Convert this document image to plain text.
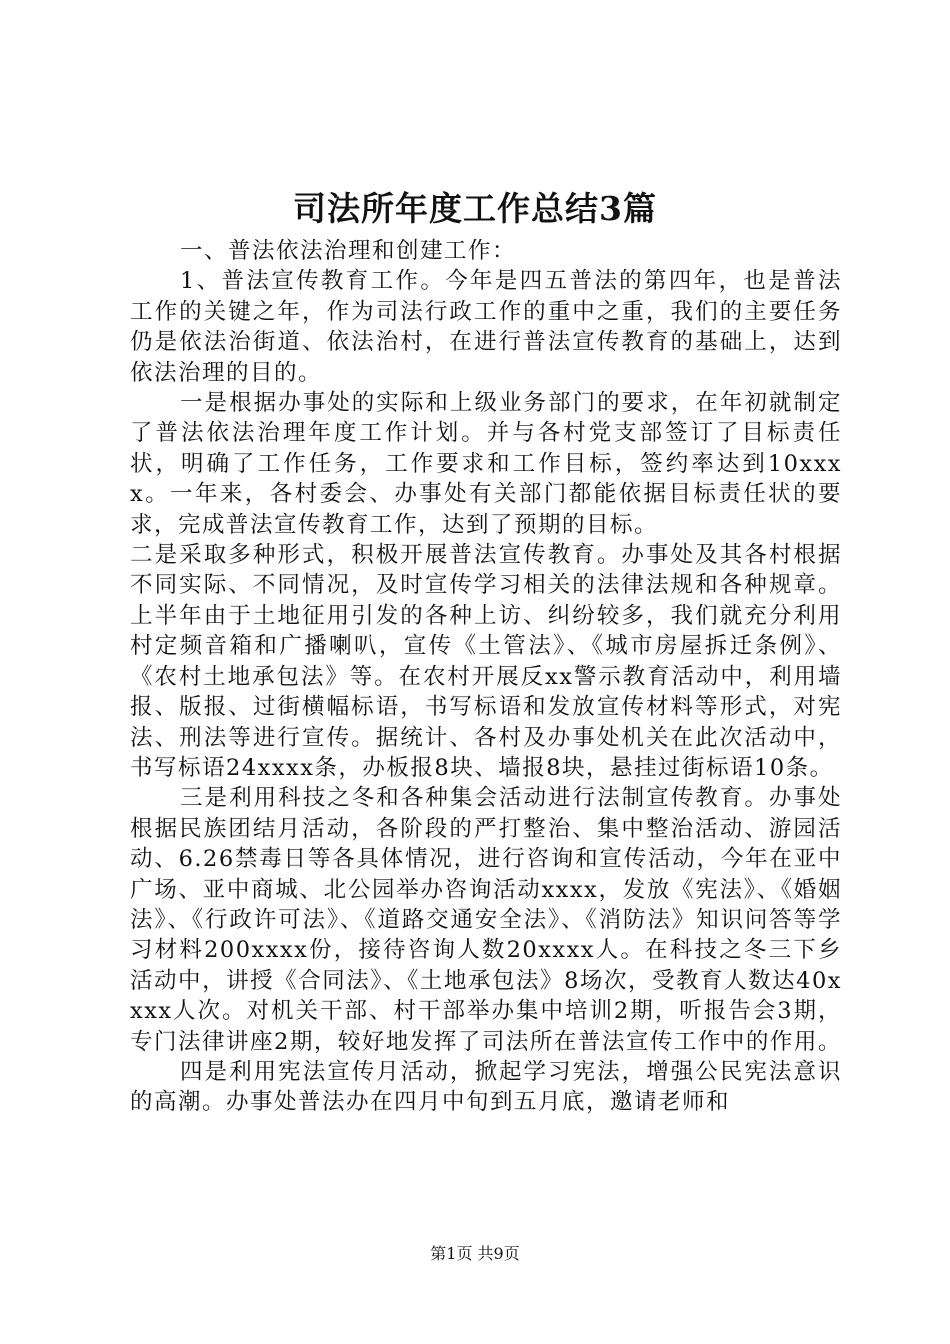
司法所年度工作总结3篇

一、普法依法治理和创建工作：

1、普法宣传教育工作。今年是四五普法的第四年，也是普法工作的关键之年，作为司法行政工作的重中之重，我们的主要任务仍是依法治街道、依法治村，在进行普法宣传教育的基础上，达到依法治理的目的。

一是根据办事处的实际和上级业务部门的要求，在年初就制定了普法依法治理年度工作计划。并与各村党支部签订了目标责任状，明确了工作任务，工作要求和工作目标，签约率达到10xxxx。一年来，各村委会、办事处有关部门都能依据目标责任状的要求，完成普法宣传教育工作，达到了预期的目标。

二是采取多种形式，积极开展普法宣传教育。办事处及其各村根据不同实际、不同情况，及时宣传学习相关的法律法规和各种规章。上半年由于土地征用引发的各种上访、纠纷较多，我们就充分利用村定频音箱和广播喇叭，宣传《土管法》、《城市房屋拆迁条例》、《农村土地承包法》等。在农村开展反xx警示教育活动中，利用墙报、版报、过街横幅标语，书写标语和发放宣传材料等形式，对宪法、刑法等进行宣传。据统计、各村及办事处机关在此次活动中，书写标语24xxxx条，办板报8块、墙报8块，悬挂过街标语10条。

三是利用科技之冬和各种集会活动进行法制宣传教育。办事处根据民族团结月活动，各阶段的严打整治、集中整治活动、游园活动、6.26禁毒日等各具体情况，进行咨询和宣传活动，今年在亚中广场、亚中商城、北公园举办咨询活动xxxx，发放《宪法》、《婚姻法》、《行政许可法》、《道路交通安全法》、《消防法》知识问答等学习材料200xxxx份，接待咨询人数20xxxx人。在科技之冬三下乡活动中，讲授《合同法》、《土地承包法》8场次，受教育人数达40xxxx人次。对机关干部、村干部举办集中培训2期，听报告会3期，专门法律讲座2期，较好地发挥了司法所在普法宣传工作中的作用。

四是利用宪法宣传月活动，掀起学习宪法，增强公民宪法意识的高潮。办事处普法办在四月中旬到五月底，邀请老师和

第1页 共9页
